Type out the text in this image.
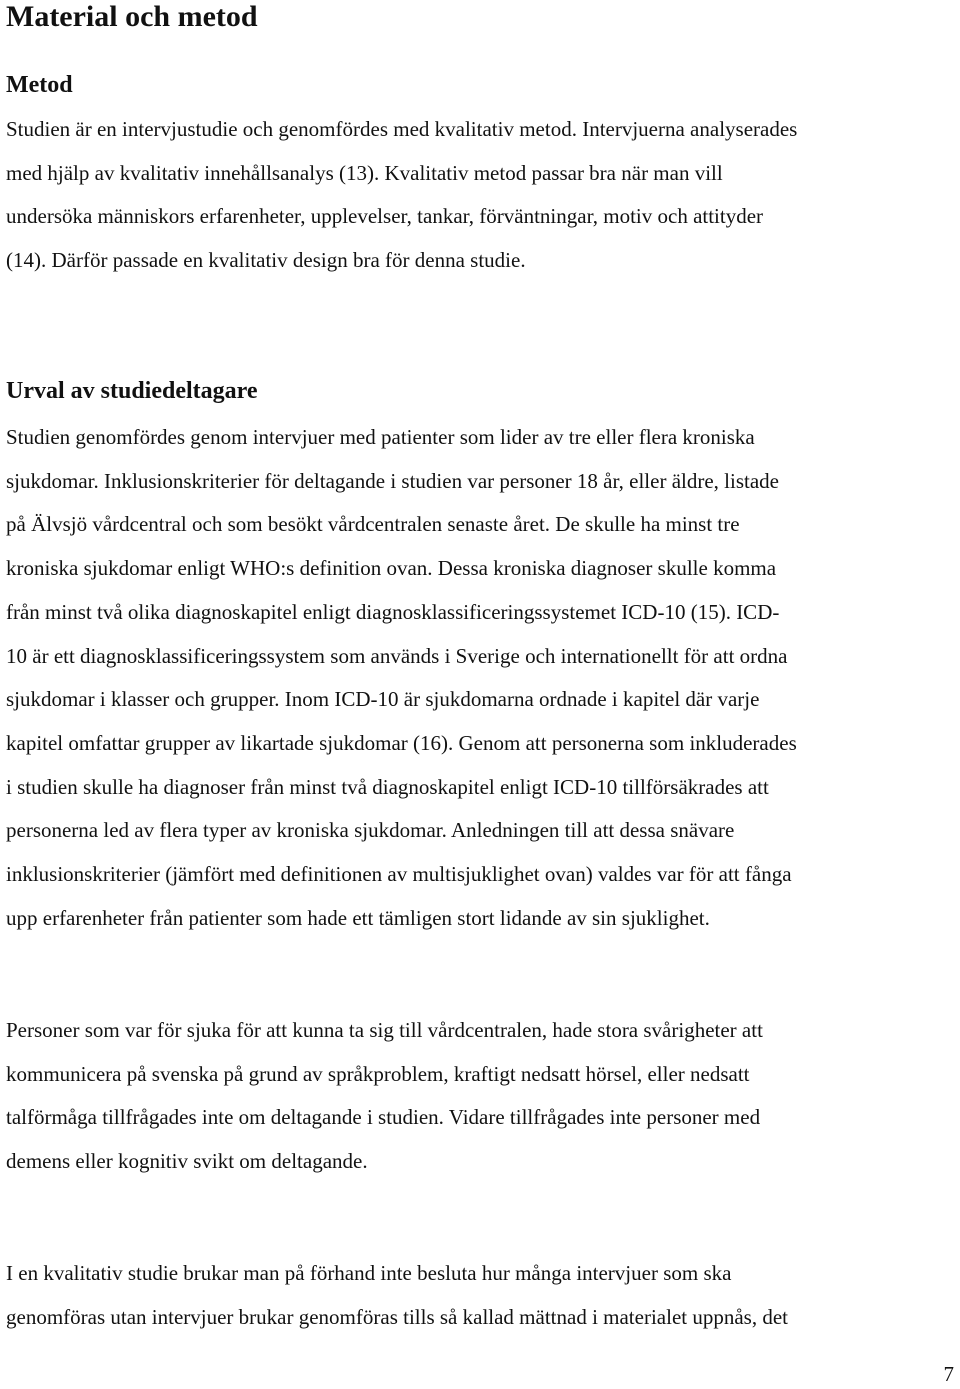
Material och metod
Metod
Studien är en intervjustudie och genomfördes med kvalitativ metod. Intervjuerna analyserades
med hjälp av kvalitativ innehållsanalys (13). Kvalitativ metod passar bra när man vill
undersöka människors erfarenheter, upplevelser, tankar, förväntningar, motiv och attityder
(14). Därför passade en kvalitativ design bra för denna studie.
Urval av studiedeltagare
Studien genomfördes genom intervjuer med patienter som lider av tre eller flera kroniska
sjukdomar. Inklusionskriterier för deltagande i studien var personer 18 år, eller äldre, listade
på Älvsjö vårdcentral och som besökt vårdcentralen senaste året. De skulle ha minst tre
kroniska sjukdomar enligt WHO:s definition ovan. Dessa kroniska diagnoser skulle komma
från minst två olika diagnoskapitel enligt diagnosklassificeringssystemet ICD-10 (15). ICD-
10 är ett diagnosklassificeringssystem som används i Sverige och internationellt för att ordna
sjukdomar i klasser och grupper. Inom ICD-10 är sjukdomarna ordnade i kapitel där varje
kapitel omfattar grupper av likartade sjukdomar (16). Genom att personerna som inkluderades
i studien skulle ha diagnoser från minst två diagnoskapitel enligt ICD-10 tillförsäkrades att
personerna led av flera typer av kroniska sjukdomar. Anledningen till att dessa snävare
inklusionskriterier (jämfört med definitionen av multisjuklighet ovan) valdes var för att fånga
upp erfarenheter från patienter som hade ett tämligen stort lidande av sin sjuklighet.
Personer som var för sjuka för att kunna ta sig till vårdcentralen, hade stora svårigheter att
kommunicera på svenska på grund av språkproblem, kraftigt nedsatt hörsel, eller nedsatt
talförmåga tillfrågades inte om deltagande i studien. Vidare tillfrågades inte personer med
demens eller kognitiv svikt om deltagande.
I en kvalitativ studie brukar man på förhand inte besluta hur många intervjuer som ska
genomföras utan intervjuer brukar genomföras tills så kallad mättnad i materialet uppnås, det
7
